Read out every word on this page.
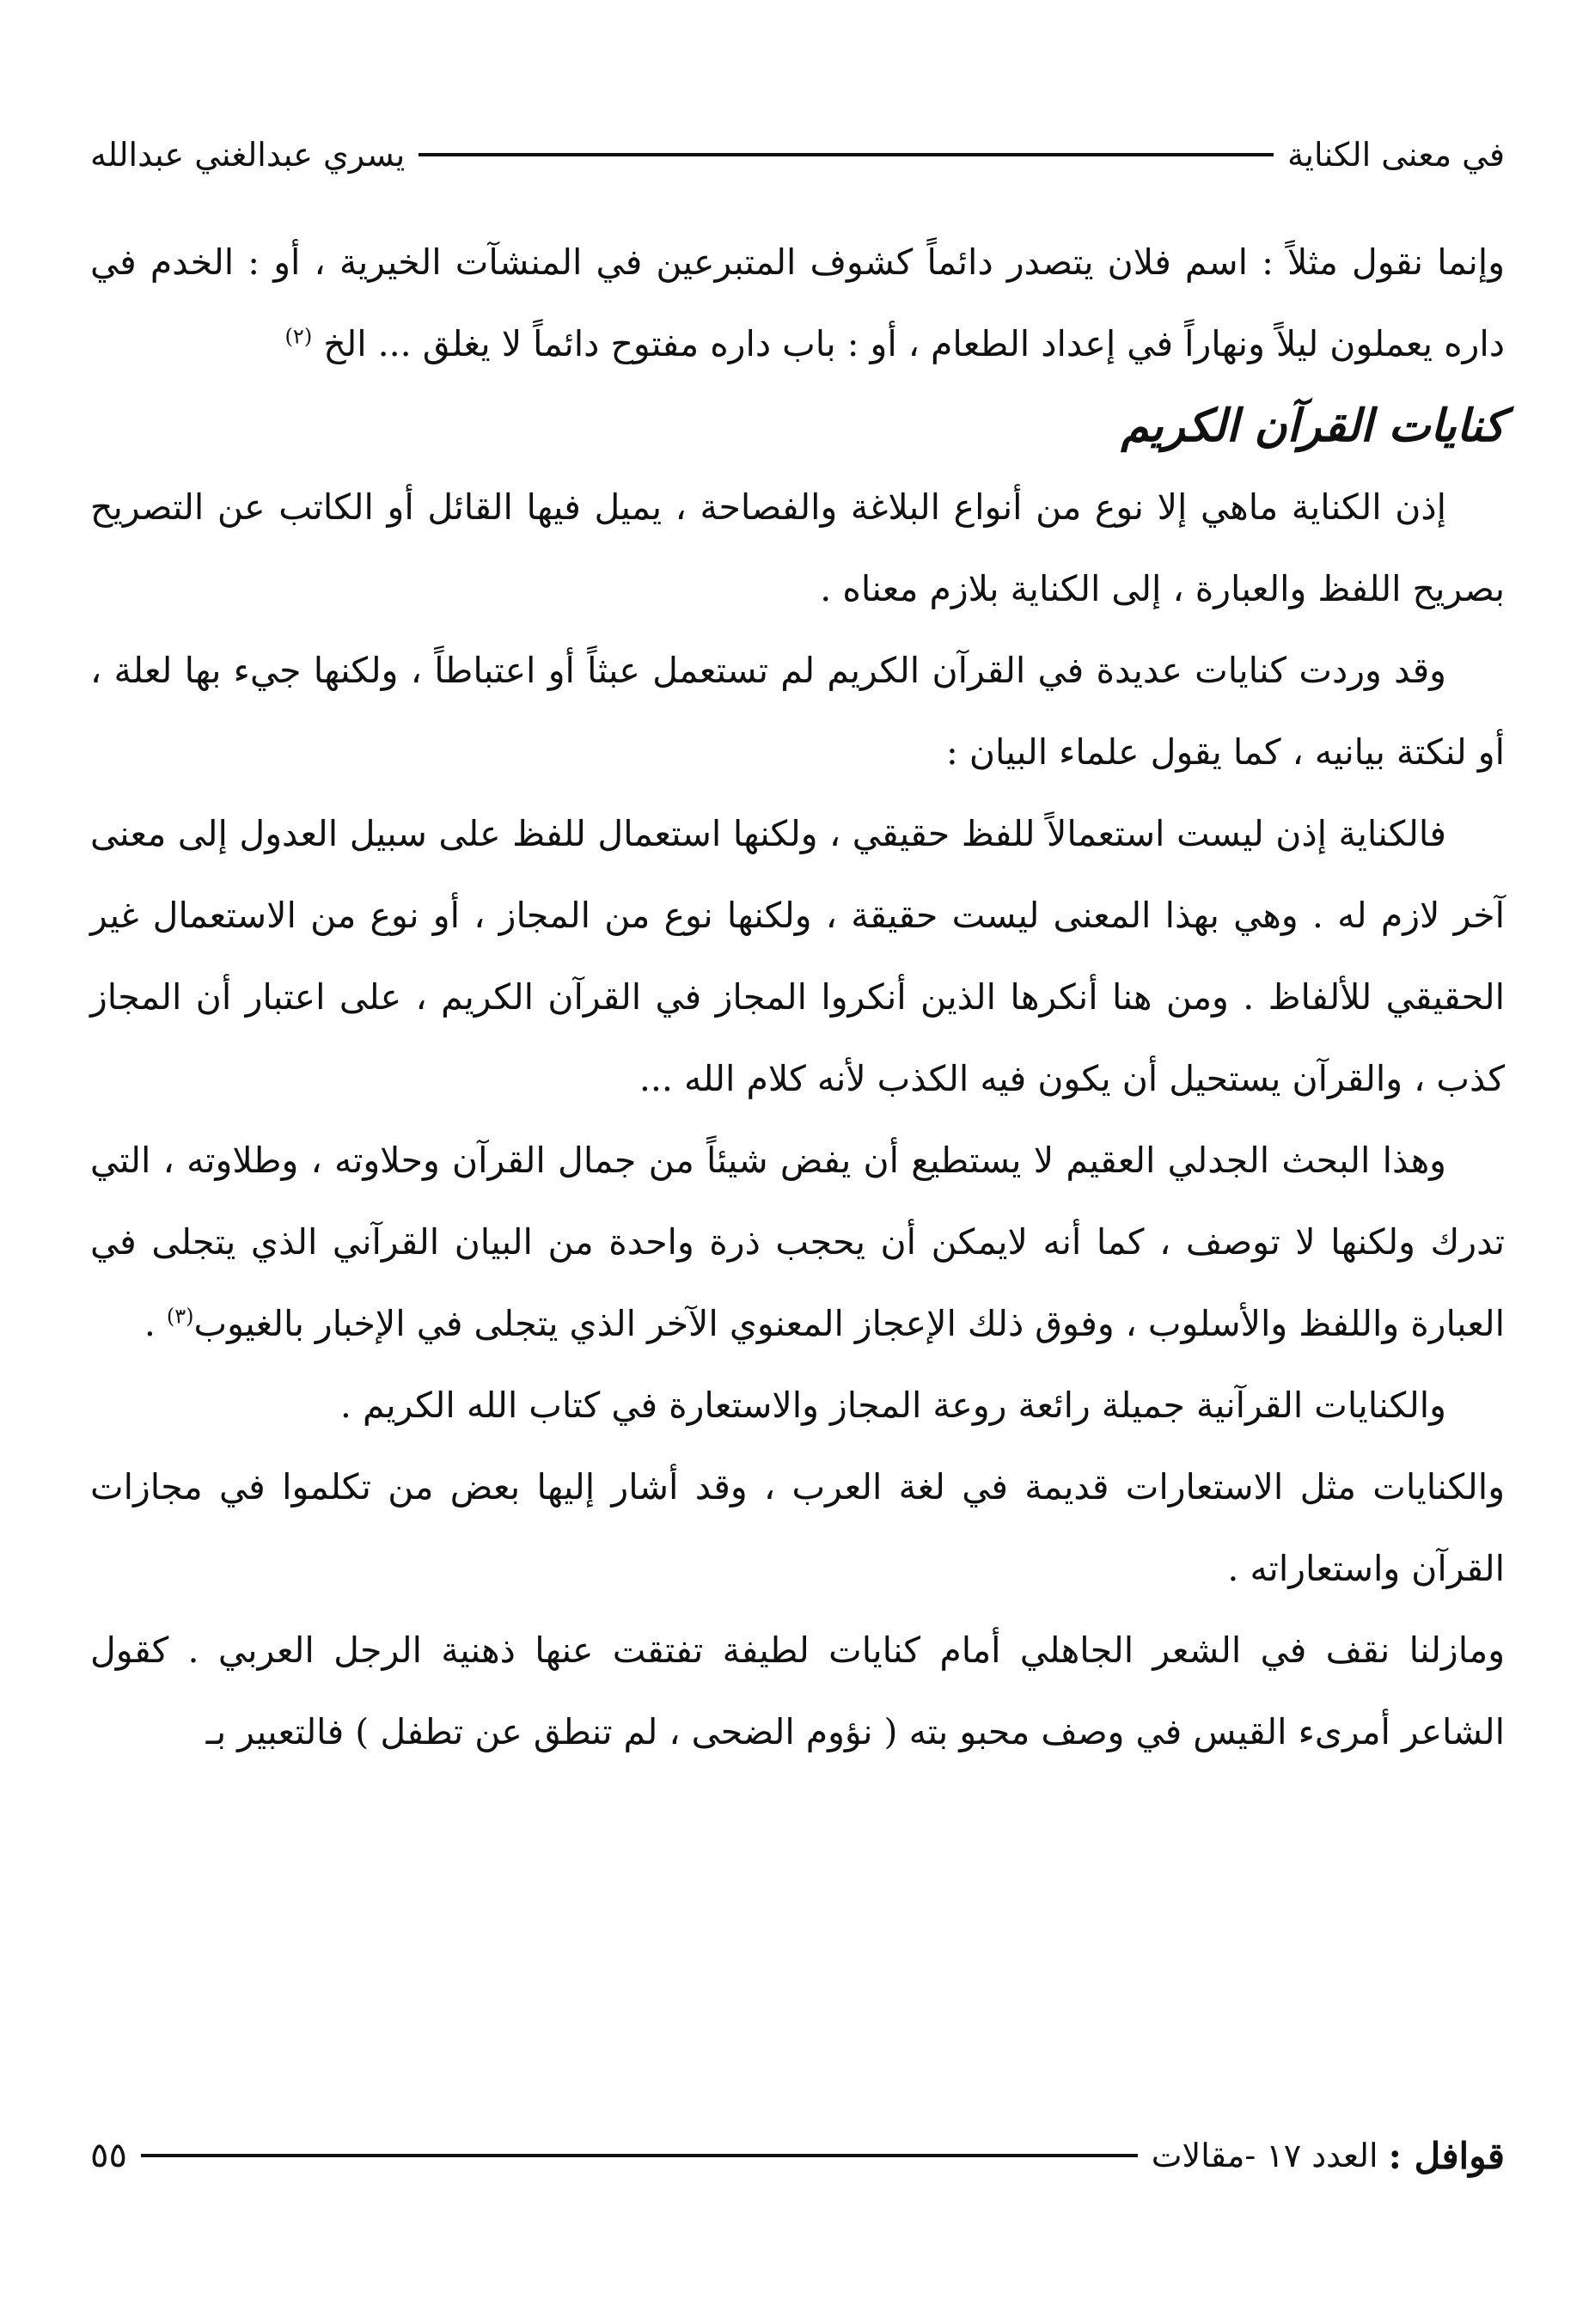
في معنى الكناية
يسري عبدالغني عبدالله

وإنما نقول مثلاً : اسم فلان يتصدر دائماً كشوف المتبرعين في المنشآت الخيرية ، أو : الخدم في داره يعملون ليلاً ونهاراً في إعداد الطعام ، أو : باب داره مفتوح دائماً لا يغلق ... الخ $^{(٢)}$

كنايات القرآن الكريم

إذن الكناية ماهي إلا نوع من أنواع البلاغة والفصاحة ، يميل فيها القائل أو الكاتب عن التصريح بصريح اللفظ والعبارة ، إلى الكناية بلازم معناه .

وقد وردت كنايات عديدة في القرآن الكريم لم تستعمل عبثاً أو اعتباطاً ، ولكنها جيء بها لعلة ، أو لنكتة بيانيه ، كما يقول علماء البيان :

فالكناية إذن ليست استعمالاً للفظ حقيقي ، ولكنها استعمال للفظ على سبيل العدول إلى معنى آخر لازم له . وهي بهذا المعنى ليست حقيقة ، ولكنها نوع من المجاز ، أو نوع من الاستعمال غير الحقيقي للألفاظ . ومن هنا أنكرها الذين أنكروا المجاز في القرآن الكريم ، على اعتبار أن المجاز كذب ، والقرآن يستحيل أن يكون فيه الكذب لأنه كلام الله ...

وهذا البحث الجدلي العقيم لا يستطيع أن يفض شيئاً من جمال القرآن وحلاوته ، وطلاوته ، التي تدرك ولكنها لا توصف ، كما أنه لايمكن أن يحجب ذرة واحدة من البيان القرآني الذي يتجلى في العبارة واللفظ والأسلوب ، وفوق ذلك الإعجاز المعنوي الآخر الذي يتجلى في الإخبار بالغيوب$^{(٣)}$ .

والكنايات القرآنية جميلة رائعة روعة المجاز والاستعارة في كتاب الله الكريم .

والكنايات مثل الاستعارات قديمة في لغة العرب ، وقد أشار إليها بعض من تكلموا في مجازات القرآن واستعاراته .

ومازلنا نقف في الشعر الجاهلي أمام كنايات لطيفة تفتقت عنها ذهنية الرجل العربي . كقول الشاعر أمرىء القيس في وصف محبو بته ( نؤوم الضحى ، لم تنطق عن تطفل ) فالتعبير بـ

قوافل :
العدد ١٧ -مقالات
٥٥
